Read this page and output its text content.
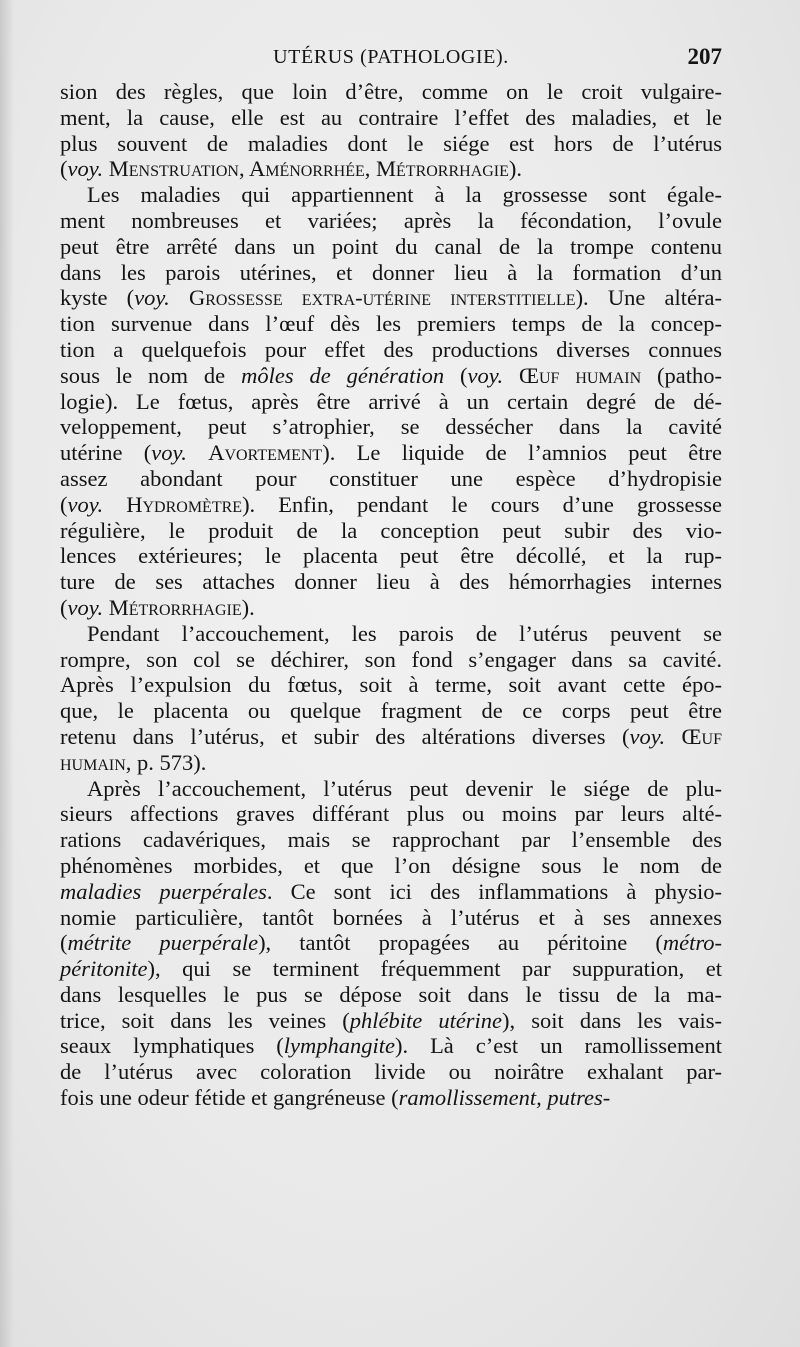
UTÉRUS (PATHOLOGIE).	207
sion des règles, que loin d’être, comme on le croit vulgaire-
ment, la cause, elle est au contraire l’effet des maladies, et le
plus souvent de maladies dont le siége est hors de l’utérus
(voy. Menstruation, Aménorrhée, Métrorrhagie).
Les maladies qui appartiennent à la grossesse sont égale-
ment nombreuses et variées; après la fécondation, l’ovule
peut être arrêté dans un point du canal de la trompe contenu
dans les parois utérines, et donner lieu à la formation d’un
kyste (voy. Grossesse extra-utérine interstitielle). Une altéra-
tion survenue dans l’œuf dès les premiers temps de la concep-
tion a quelquefois pour effet des productions diverses connues
sous le nom de môles de génération (voy. Œuf humain (patho-
logie). Le fœtus, après être arrivé à un certain degré de dé-
veloppement, peut s’atrophier, se dessécher dans la cavité
utérine (voy. Avortement). Le liquide de l’amnios peut être
assez abondant pour constituer une espèce d’hydropisie
(voy. Hydromètre). Enfin, pendant le cours d’une grossesse
régulière, le produit de la conception peut subir des vio-
lences extérieures; le placenta peut être décollé, et la rup-
ture de ses attaches donner lieu à des hémorrhagies internes
(voy. Métrorrhagie).
Pendant l’accouchement, les parois de l’utérus peuvent se
rompre, son col se déchirer, son fond s’engager dans sa cavité.
Après l’expulsion du fœtus, soit à terme, soit avant cette épo-
que, le placenta ou quelque fragment de ce corps peut être
retenu dans l’utérus, et subir des altérations diverses (voy. Œuf
humain, p. 573).
Après l’accouchement, l’utérus peut devenir le siége de plu-
sieurs affections graves différant plus ou moins par leurs alté-
rations cadavériques, mais se rapprochant par l’ensemble des
phénomènes morbides, et que l’on désigne sous le nom de
maladies puerpérales. Ce sont ici des inflammations à physio-
nomie particulière, tantôt bornées à l’utérus et à ses annexes
(métrite puerpérale), tantôt propagées au péritoine (métro-
péritonite), qui se terminent fréquemment par suppuration, et
dans lesquelles le pus se dépose soit dans le tissu de la ma-
trice, soit dans les veines (phlébite utérine), soit dans les vais-
seaux lymphatiques (lymphangite). Là c’est un ramollissement
de l’utérus avec coloration livide ou noirâtre exhalant par-
fois une odeur fétide et gangréneuse (ramollissement, putres-
